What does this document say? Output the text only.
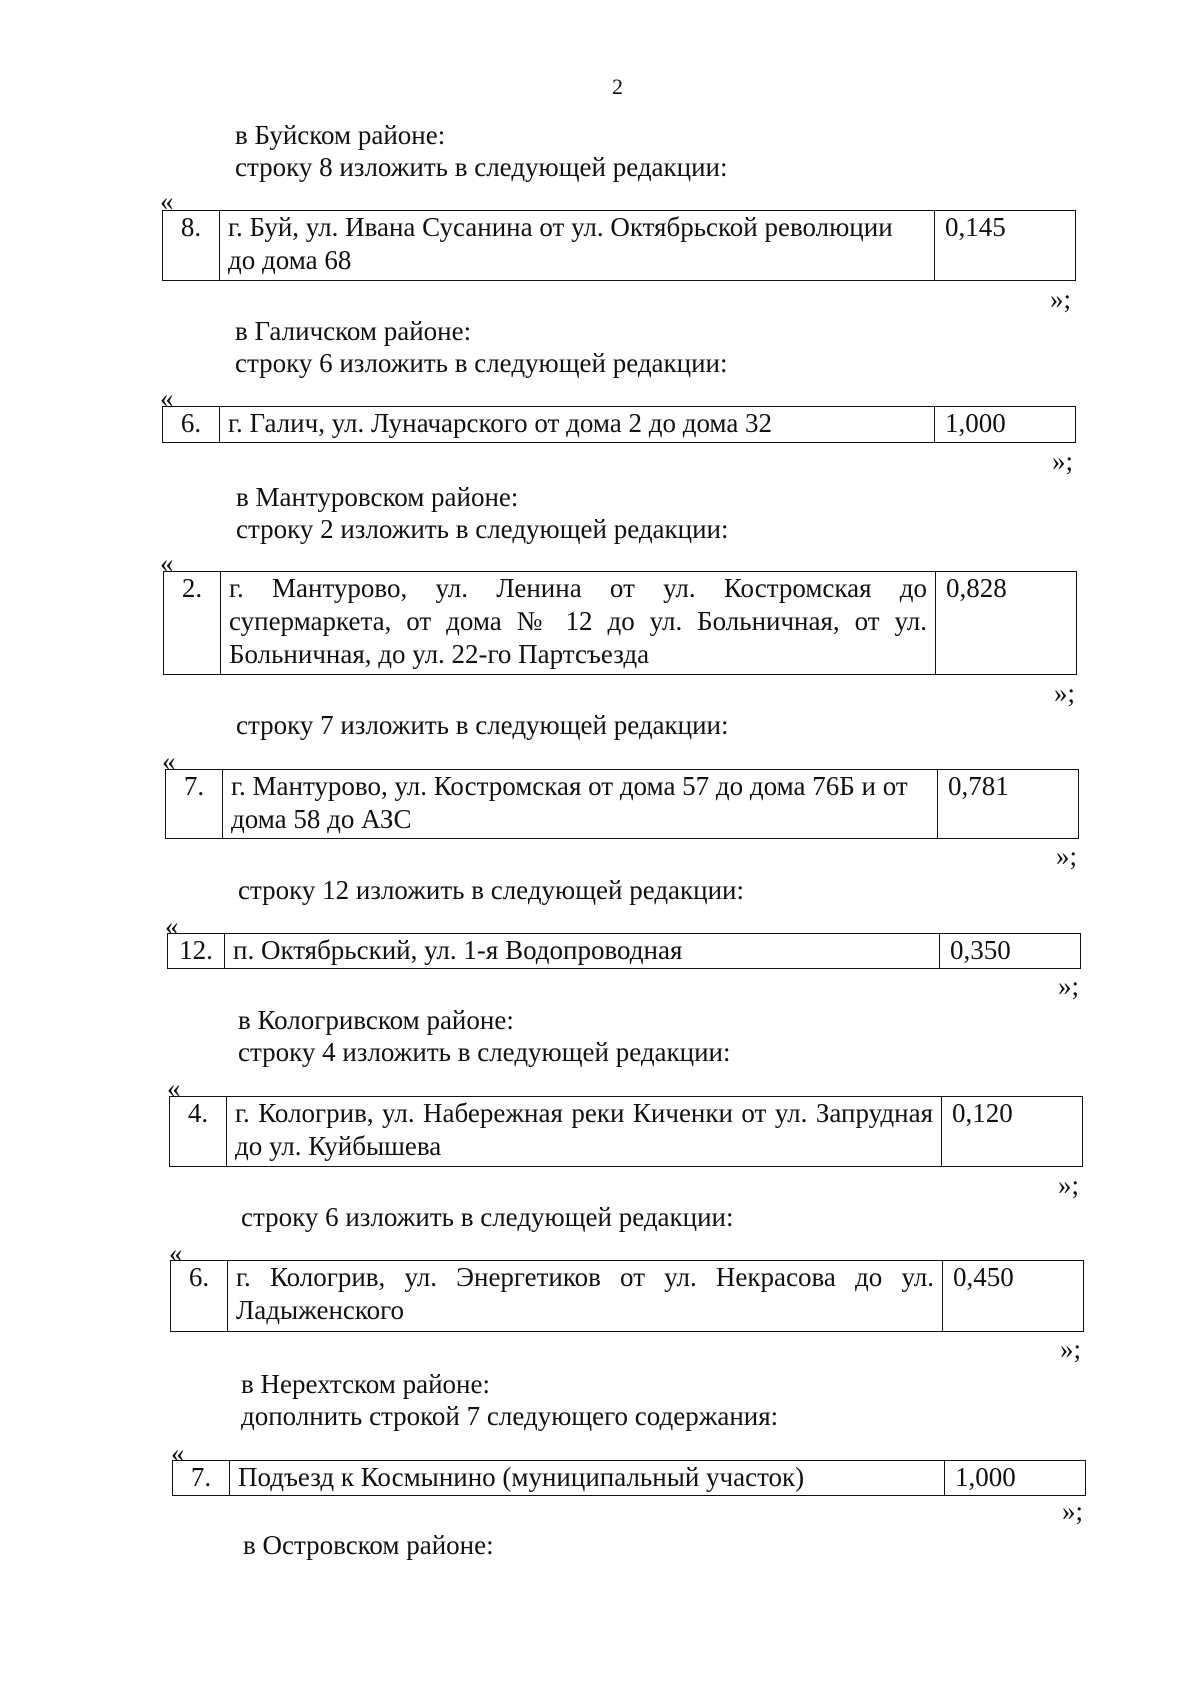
2
в Буйском районе:
строку 8 изложить в следующей редакции:
«
8.	г. Буй, ул. Ивана Сусанина от ул. Октябрьской революции до дома 68	0,145
»;
в Галичском районе:
строку 6 изложить в следующей редакции:
«
6.	г. Галич, ул. Луначарского от дома 2 до дома 32	1,000
»;
в Мантуровском районе:
строку 2 изложить в следующей редакции:
«
2.	г. Мантурово, ул. Ленина от ул. Костромская до супермаркета, от дома № 12 до ул. Больничная, от ул. Больничная, до ул. 22-го Партсъезда	0,828
»;
строку 7 изложить в следующей редакции:
«
7.	г. Мантурово, ул. Костромская от дома 57 до дома 76Б и от дома 58 до АЗС	0,781
»;
строку 12 изложить в следующей редакции:
«
12.	п. Октябрьский, ул. 1-я Водопроводная	0,350
»;
в Кологривском районе:
строку 4 изложить в следующей редакции:
«
4.	г. Кологрив, ул. Набережная реки Киченки от ул. Запрудная до ул. Куйбышева	0,120
»;
строку 6 изложить в следующей редакции:
«
6.	г. Кологрив, ул. Энергетиков от ул. Некрасова до ул. Ладыженского	0,450
»;
в Нерехтском районе:
дополнить строкой 7 следующего содержания:
«
7.	Подъезд к Космынино (муниципальный участок)	1,000
»;
в Островском районе:
